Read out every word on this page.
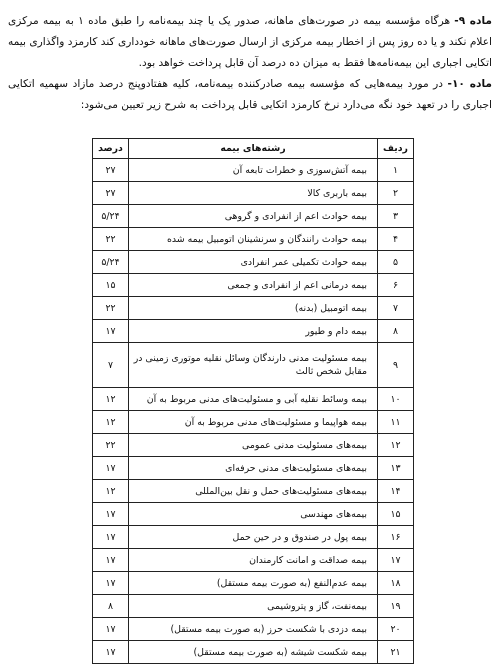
ماده ۹- هرگاه مؤسسه بیمه در صورت‌های ماهانه، صدور یک یا چند بیمه‌نامه را طبق ماده ۱ به بیمه مرکزی اعلام نکند و یا ده روز پس از اخطار بیمه مرکزی از ارسال صورت‌های ماهانه خودداری کند کارمزد واگذاری بیمه اتکایی اجباری این بیمه‌نامه‌ها فقط به میزان ده درصد آن قابل پرداخت خواهد بود.

ماده ۱۰- در مورد بیمه‌هایی که مؤسسه بیمه صادرکننده بیمه‌نامه، کلیه هفتادوپنج درصد مازاد سهمیه اتکایی اجباری را در تعهد خود نگه می‌دارد نرخ کارمزد اتکایی قابل پرداخت به شرح زیر تعیین می‌شود:

ردیف	رشته‌های بیمه	درصد
۱	بیمه آتش‌سوزی و خطرات تابعه آن	۲۷
۲	بیمه باربری کالا	۲۷
۳	بیمه حوادث اعم از انفرادی و گروهی	۵/۲۴
۴	بیمه حوادث رانندگان و سرنشینان اتومبیل بیمه شده	۲۲
۵	بیمه حوادث تکمیلی عمر انفرادی	۵/۲۴
۶	بیمه درمانی اعم از انفرادی و جمعی	۱۵
۷	بیمه اتومبیل (بدنه)	۲۲
۸	بیمه دام و طیور	۱۷
۹	بیمه مسئولیت مدنی دارندگان وسائل نقلیه موتوری زمینی در مقابل شخص ثالث	۷
۱۰	بیمه وسائط نقلیه آبی و مسئولیت‌های مدنی مربوط به آن	۱۲
۱۱	بیمه هواپیما و مسئولیت‌های مدنی مربوط به آن	۱۲
۱۲	بیمه‌های مسئولیت مدنی عمومی	۲۲
۱۳	بیمه‌های مسئولیت‌های مدنی حرفه‌ای	۱۷
۱۴	بیمه‌های مسئولیت‌های حمل و نقل بین‌المللی	۱۲
۱۵	بیمه‌های مهندسی	۱۷
۱۶	بیمه پول در صندوق و در حین حمل	۱۷
۱۷	بیمه صداقت و امانت کارمندان	۱۷
۱۸	بیمه عدم‌النفع (به صورت بیمه مستقل)	۱۷
۱۹	بیمه‌نفت، گاز و پتروشیمی	۸
۲۰	بیمه دزدی با شکست حرز (به صورت بیمه مستقل)	۱۷
۲۱	بیمه شکست شیشه (به صورت بیمه مستقل)	۱۷
